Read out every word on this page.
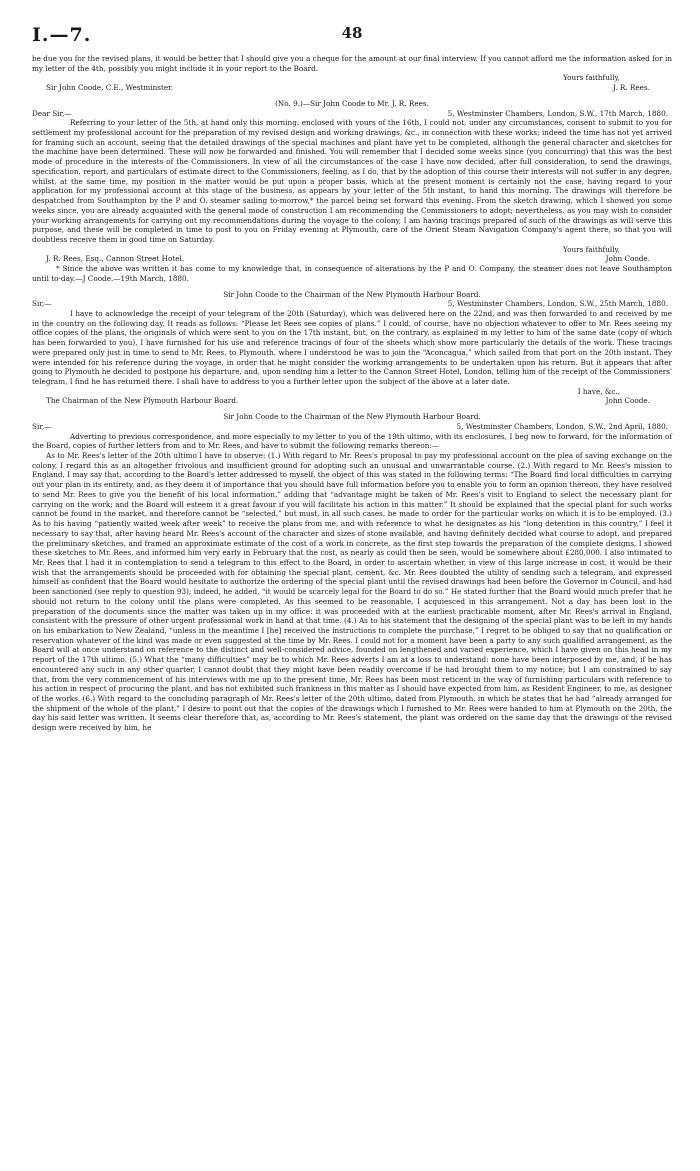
I.—7.	48

be due you for the revised plans, it would be better that I should give you a cheque for the amount at our final interview. If you cannot afford me the information asked for in my letter of the 4th, possibly you might include it in your report to the Board.

Yours faithfully,

Sir John Coode, C.E., Westminster.	J. R. Rees.

(No. 9.)—Sir John Coode to Mr. J. R. Rees.

Dear Sir,—	5, Westminster Chambers, London, S.W., 17th March, 1880.

Referring to your letter of the 5th, at hand only this morning, enclosed with yours of the 16th, I could not, under any circumstances, consent to submit to you for settlement my professional account for the preparation of my revised design and working drawings, &c., in connection with these works; indeed the time has not yet arrived for framing such an account, seeing that the detailed drawings of the special machines and plant have yet to be completed, although the general character and sketches for the machine have been determined. These will now be forwarded and finished. You will remember that I decided some weeks since (you concurring) that this was the best mode of procedure in the interests of the Commissioners. In view of all the circumstances of the case I have now decided, after full consideration, to send the drawings, specification, report, and particulars of estimate direct to the Commissioners, feeling, as I do, that by the adoption of this course their interests will not suffer in any degree, whilst, at the same time, my position in the matter would be put upon a proper basis, which at the present moment is certainly not the case, having regard to your application for my professional account at this stage of the business, as appears by your letter of the 5th instant, to hand this morning. The drawings will therefore be despatched from Southampton by the P and O. steamer sailing to-morrow,* the parcel being set forward this evening. From the sketch drawing, which I showed you some weeks since, you are already acquainted with the general mode of construction I am recommending the Commissioners to adopt; nevertheless, as you may wish to consider your working arrangements for carrying out my recommendations during the voyage to the colony, I am having tracings prepared of such of the drawings as will serve this purpose, and these will be completed in time to post to you on Friday evening at Plymouth, care of the Orient Steam Navigation Company's agent there, so that you will doubtless receive them in good time on Saturday.

Yours faithfully,

J. R. Rees, Esq., Cannon Street Hotel.	John Coode.

* Since the above was written it has come to my knowledge that, in consequence of alterations by the P and O. Company, the steamer does not leave Southampton until to-day.—J Coode.—19th March, 1880.

Sir John Coode to the Chairman of the New Plymouth Harbour Board.

Sir,—	5, Westminster Chambers, London, S.W., 25th March, 1880.

I have to acknowledge the receipt of your telegram of the 20th (Saturday), which was delivered here on the 22nd, and was then forwarded to and received by me in the country on the following day. It reads as follows: “Please let Rees see copies of plans.” I could, of course, have no objection whatever to offer to Mr. Rees seeing my office copies of the plans, the originals of which were sent to you on the 17th instant, but, on the contrary, as explained in my letter to him of the same date (copy of which has been forwarded to you), I have furnished for his use and reference tracings of four of the sheets which show more particularly the details of the work. These tracings were prepared only just in time to send to Mr. Rees, to Plymouth, where I understood he was to join the “Aconcagua,” which sailed from that port on the 20th instant. They were intended for his reference during the voyage, in order that he might consider the working arrangements to be undertaken upon his return. But it appears that after going to Plymouth he decided to postpone his departure, and, upon sending him a letter to the Cannon Street Hotel, London, telling him of the receipt of the Commissioners' telegram, I find he has returned there. I shall have to address to you a further letter upon the subject of the above at a later date.

I have, &c.,

The Chairman of the New Plymouth Harbour Board.	John Coode.

Sir John Coode to the Chairman of the New Plymouth Harbour Board.

Sir,—	5, Westminster Chambers, London, S.W., 2nd April, 1880.

Adverting to previous correspondence, and more especially to my letter to you of the 19th ultimo, with its enclosures, I beg now to forward, for the information of the Board, copies of further letters from and to Mr. Rees, and have to submit the following remarks thereon:—

As to Mr. Rees's letter of the 20th ultimo I have to observe: (1.) With regard to Mr. Rees's proposal to pay my professional account on the plea of saving exchange on the colony, I regard this as an altogether frivolous and insufficient ground for adopting such an unusual and unwarrantable course. (2.) With regard to Mr. Rees's mission to England, I may say that, according to the Board's letter addressed to myself, the object of this was stated in the following terms: “The Board find local difficulties in carrying out your plan in its entirety, and, as they deem it of importance that you should have full information before you to enable you to form an opinion thereon, they have resolved to send Mr. Rees to give you the benefit of his local information,” adding that “advantage might be taken of Mr. Rees's visit to England to select the necessary plant for carrying on the work; and the Board will esteem it a great favour if you will facilitate his action in this matter.” It should be explained that the special plant for such works cannot be found in the market, and therefore cannot be “selected,” but must, in all such cases, be made to order for the particular works on which it is to be employed. (3.) As to his having “patiently waited week after week” to receive the plans from me, and with reference to what he designates as his “long detention in this country,” I feel it necessary to say that, after having heard Mr. Rees's account of the character and sizes of stone available, and having definitely decided what course to adopt, and prepared the preliminary sketches, and framed an approximate estimate of the cost of a work in concrete, as the first step towards the preparation of the complete designs, I showed these sketches to Mr. Rees, and informed him very early in February that the cost, as nearly as could then be seen, would be somewhere about £280,000. I also intimated to Mr. Rees that I had it in contemplation to send a telegram to this effect to the Board, in order to ascertain whether, in view of this large increase in cost, it would be their wish that the arrangements should be proceeded with for obtaining the special plant, cement, &c. Mr. Rees doubted the utility of sending such a telegram, and expressed himself as confident that the Board would hesitate to authorize the ordering of the special plant until the revised drawings had been before the Governor in Council, and had been sanctioned (see reply to question 93); indeed, he added, “it would be scarcely legal for the Board to do so.” He stated further that the Board would much prefer that he should not return to the colony until the plans were completed. As this seemed to be reasonable, I acquiesced in this arrangement. Not a day has been lost in the preparation of the documents since the matter was taken up in my office: it was proceeded with at the earliest practicable moment, after Mr. Rees's arrival in England, consistent with the pressure of other urgent professional work in hand at that time. (4.) As to his statement that the designing of the special plant was to be left in my hands on his embarkation to New Zealand, “unless in the meantime I [he] received the instructions to complete the purchase,” I regret to be obliged to say that no qualification or reservation whatever of the kind was made or even suggested at the time by Mr. Rees. I could not for a moment have been a party to any such qualified arrangement, as the Board will at once understand on reference to the distinct and well-considered advice, founded on lengthened and varied experience, which I have given on this head in my report of the 17th ultimo. (5.) What the “many difficulties” may be to which Mr. Rees adverts I am at a loss to understand: none have been interposed by me, and, if he has encountered any such in any other quarter, I cannot doubt that they might have been readily overcome if he had brought them to my notice; but I am constrained to say that, from the very commencement of his interviews with me up to the present time, Mr. Rees has been most reticent in the way of furnishing particulars with reference to his action in respect of procuring the plant, and has not exhibited such frankness in this matter as I should have expected from him, as Resident Engineer, to me, as designer of the works. (6.) With regard to the concluding paragraph of Mr. Rees's letter of the 20th ultimo, dated from Plymouth, in which he states that he had “already arranged for the shipment of the whole of the plant,” I desire to point out that the copies of the drawings which I furnished to Mr. Rees were handed to him at Plymouth on the 20th, the day his said letter was written. It seems clear therefore that, as, according to Mr. Rees's statement, the plant was ordered on the same day that the drawings of the revised design were received by him, he
